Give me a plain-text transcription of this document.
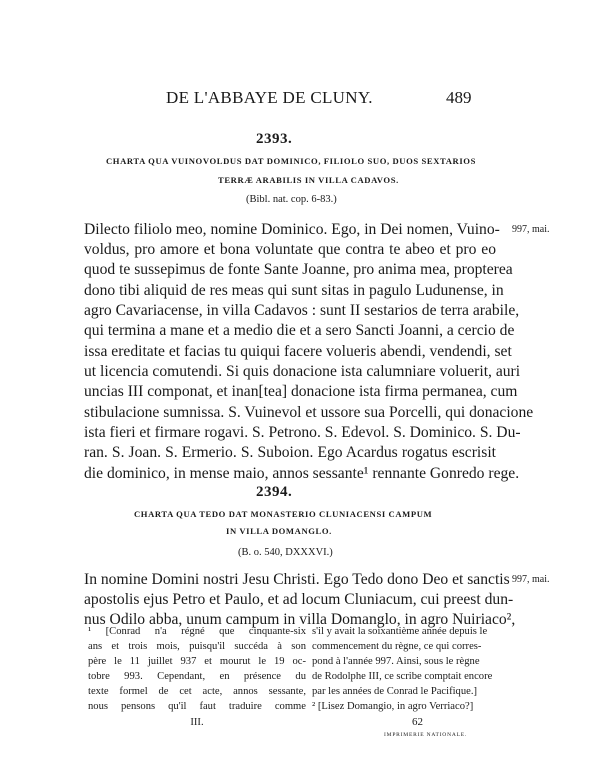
DE L'ABBAYE DE CLUNY.	489
2393.
CHARTA QUA VUINOVOLDUS DAT DOMINICO, FILIOLO SUO, DUOS SEXTARIOS
TERRÆ ARABILIS IN VILLA CADAVOS.
(Bibl. nat. cop. 6-83.)
997, mai.
Dilecto filiolo meo, nomine Dominico. Ego, in Dei nomen, Vuino-
voldus, pro amore et bona voluntate que contra te abeo et pro eo
quod te sussepimus de fonte Sante Joanne, pro anima mea, propterea
dono tibi aliquid de res meas qui sunt sitas in pagulo Ludunense, in
agro Cavariacense, in villa Cadavos : sunt II sestarios de terra arabile,
qui termina a mane et a medio die et a sero Sancti Joanni, a cercio de
issa ereditate et facias tu quiqui facere volueris abendi, vendendi, set
ut licencia comutendi. Si quis donacione ista calumniare voluerit, auri
uncias III componat, et inan[tea] donacione ista firma permanea, cum
stibulacione sumnissa. S. Vuinevol et ussore sua Porcelli, qui donacione
ista fieri et firmare rogavi. S. Petrono. S. Edevol. S. Dominico. S. Du-
ran. S. Joan. S. Ermerio. S. Suboion. Ego Acardus rogatus escrisit
die dominico, in mense maio, annos sessante¹ rennante Gonredo rege.
2394.
CHARTA QUA TEDO DAT MONASTERIO CLUNIACENSI CAMPUM
IN VILLA DOMANGLO.
(B. o. 540, DXXXVI.)
997, mai.
In nomine Domini nostri Jesu Christi. Ego Tedo dono Deo et sanctis
apostolis ejus Petro et Paulo, et ad locum Cluniacum, cui preest dun-
nus Odilo abba, unum campum in villa Domanglo, in agro Nuiriaco²,
¹ [Conrad n'a régné que cinquante-six
ans et trois mois, puisqu'il succéda à son
père le 11 juillet 937 et mourut le 19 oc-
tobre 993. Cependant, en présence du
texte formel de cet acte, annos sessante,
nous pensons qu'il faut traduire comme
III.
s'il y avait la soixantième année depuis le
commencement du règne, ce qui corres-
pond à l'année 997. Ainsi, sous le règne
de Rodolphe III, ce scribe comptait encore
par les années de Conrad le Pacifique.]
² [Lisez Domangio, in agro Verriaco?]
62
IMPRIMERIE NATIONALE.
